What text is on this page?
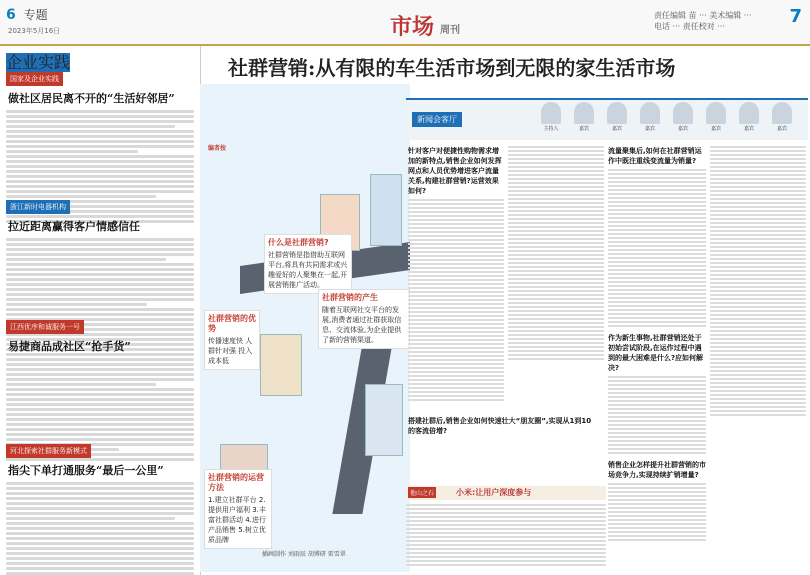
6 专题
2023年5月16日	市场 周刊
责任编辑 苗 ··· 美术编辑 ···
电话 ··· 责任校对 ···	7
企业实践
国家及企业实践
做社区居民离不开的“生活好邻居”
浙江新时电器机构
拉近距离赢得客户情感信任
江西优序和诚服务一号
易捷商品成社区“抢手货”
河北探索社群服务新模式
指尖下单打通服务“最后一公里”
社群营销:从有限的车生活市场到无限的家生活市场
编者按
什么是社群营销?
社群营销是指借助互联网平台,将具有共同需求或兴趣爱好的人聚集在一起,开展营销推广活动。
社群营销的产生
随着互联网社交平台的发展,消费者通过社群获取信息、交流体验,为企业提供了新的营销渠道。
社群营销的优势
传播速度快 人群针对强 投入成本低
社群营销的运营方法
1.建立社群平台 2.提供用户福利 3.丰富社群活动 4.进行产品销售 5.树立优质品牌
插画制作 刘雨辰 胡博研 雷雪翠
新闻会客厅
主持人	嘉宾	嘉宾	嘉宾	嘉宾	嘉宾	嘉宾	嘉宾
针对客户对便捷性购物需求增加的新特点,销售企业如何发挥网点和人员优势增进客户流量关系,构建社群营销?运营效果如何?
搭建社群后,销售企业如何快速壮大“朋友圈”,实现从1到10的客流倍增?
流量聚集后,如何在社群营销运作中既注重线变流量为销量?
作为新生事物,社群营销还处于初始尝试阶段,在运作过程中遇到的最大困难是什么?应如何解决?
销售企业怎样提升社群营销的市场竞争力,实现持续扩销增量?
小米:让用户深度参与
他山之石
